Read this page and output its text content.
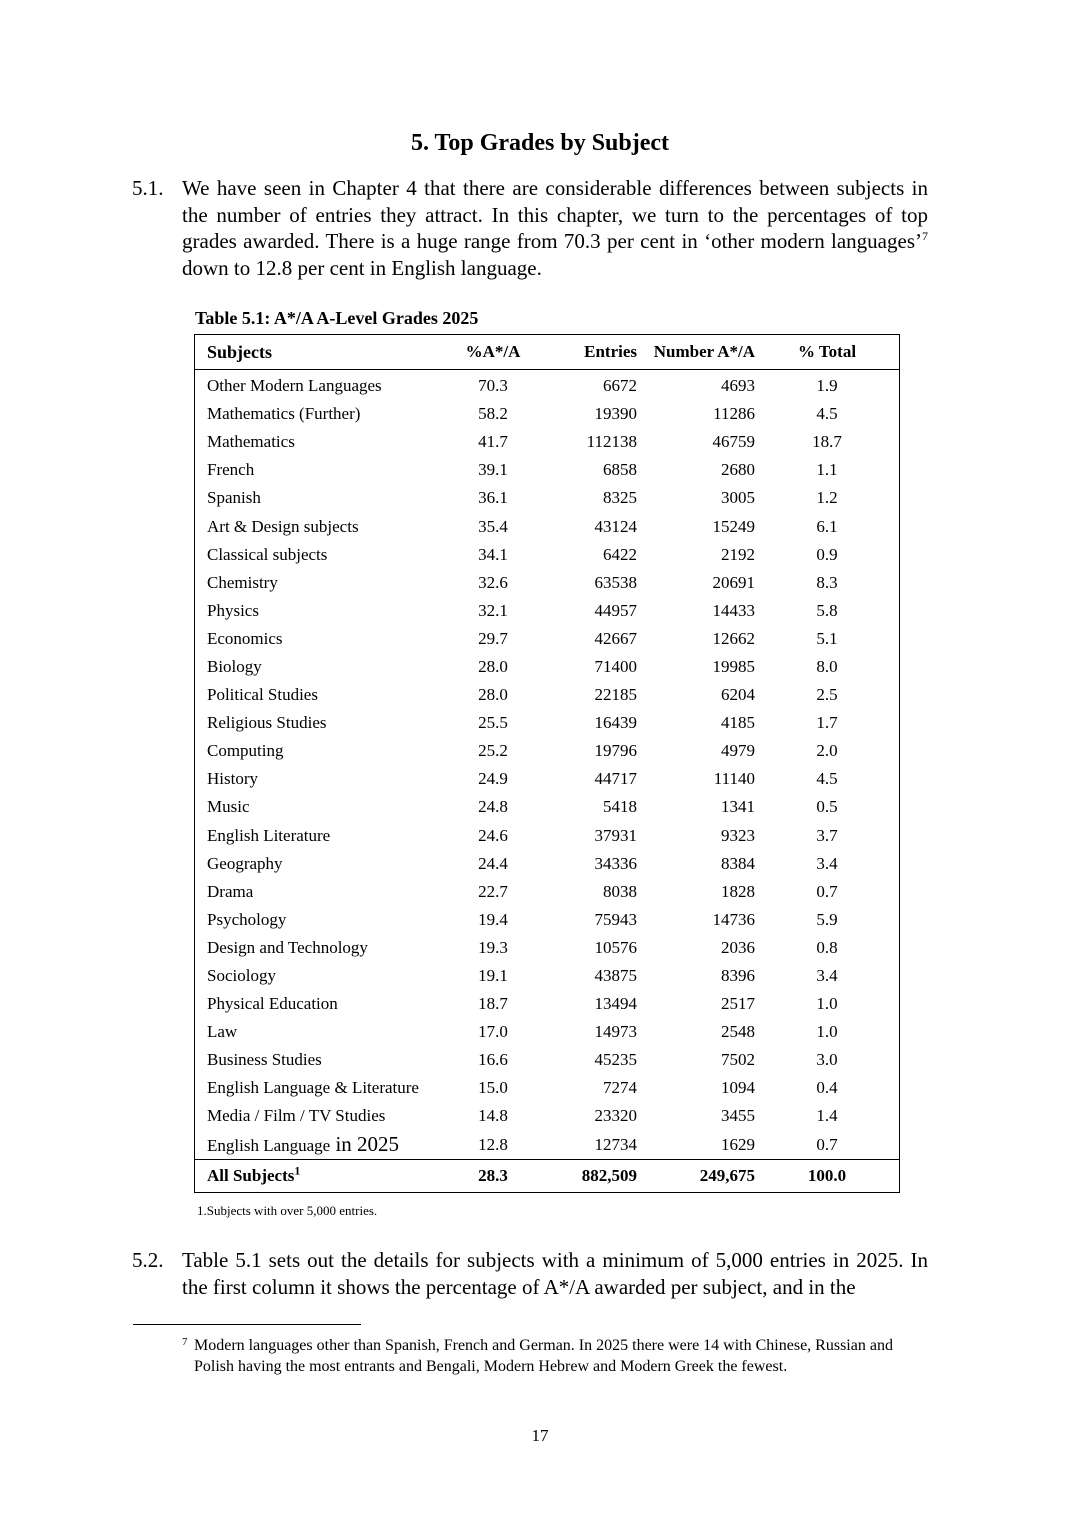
5. Top Grades by Subject
5.1. We have seen in Chapter 4 that there are considerable differences between subjects in the number of entries they attract. In this chapter, we turn to the percentages of top grades awarded. There is a huge range from 70.3 per cent in ‘other modern languages’$^7$ down to 12.8 per cent in English language.
Table 5.1: A*/A A-Level Grades 2025
Subjects	%A*/A	Entries	Number A*/A	% Total
Other Modern Languages	70.3	6672	4693	1.9
Mathematics (Further)	58.2	19390	11286	4.5
Mathematics	41.7	112138	46759	18.7
French	39.1	6858	2680	1.1
Spanish	36.1	8325	3005	1.2
Art & Design subjects	35.4	43124	15249	6.1
Classical subjects	34.1	6422	2192	0.9
Chemistry	32.6	63538	20691	8.3
Physics	32.1	44957	14433	5.8
Economics	29.7	42667	12662	5.1
Biology	28.0	71400	19985	8.0
Political Studies	28.0	22185	6204	2.5
Religious Studies	25.5	16439	4185	1.7
Computing	25.2	19796	4979	2.0
History	24.9	44717	11140	4.5
Music	24.8	5418	1341	0.5
English Literature	24.6	37931	9323	3.7
Geography	24.4	34336	8384	3.4
Drama	22.7	8038	1828	0.7
Psychology	19.4	75943	14736	5.9
Design and Technology	19.3	10576	2036	0.8
Sociology	19.1	43875	8396	3.4
Physical Education	18.7	13494	2517	1.0
Law	17.0	14973	2548	1.0
Business Studies	16.6	45235	7502	3.0
English Language & Literature	15.0	7274	1094	0.4
Media / Film / TV Studies	14.8	23320	3455	1.4
English Language in 2025	12.8	12734	1629	0.7
All Subjects$^1$	28.3	882,509	249,675	100.0
1.Subjects with over 5,000 entries.
5.2. Table 5.1 sets out the details for subjects with a minimum of 5,000 entries in 2025. In the first column it shows the percentage of A*/A awarded per subject, and in the
7 Modern languages other than Spanish, French and German. In 2025 there were 14 with Chinese, Russian and Polish having the most entrants and Bengali, Modern Hebrew and Modern Greek the fewest.
17
